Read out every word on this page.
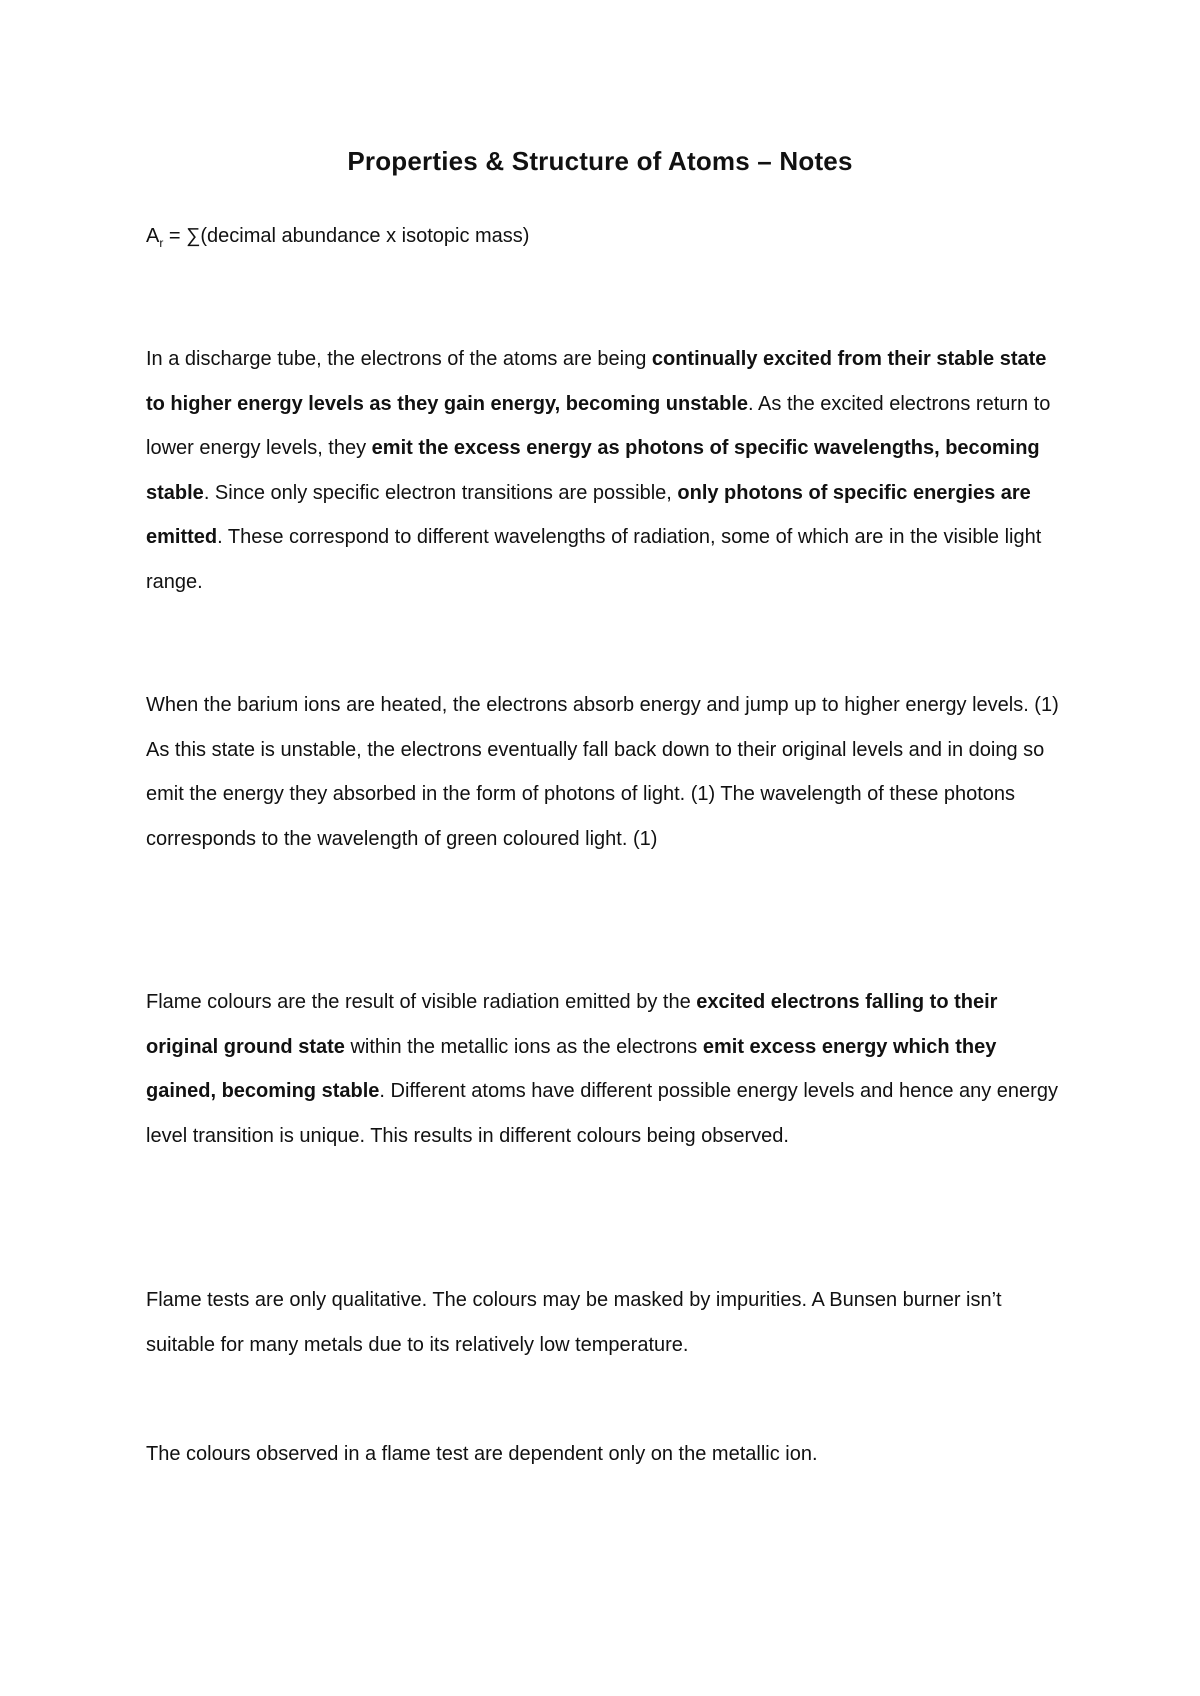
Properties & Structure of Atoms – Notes

$A_r$ = ∑(decimal abundance x isotopic mass)

In a discharge tube, the electrons of the atoms are being continually excited from their stable state to higher energy levels as they gain energy, becoming unstable. As the excited electrons return to lower energy levels, they emit the excess energy as photons of specific wavelengths, becoming stable. Since only specific electron transitions are possible, only photons of specific energies are emitted. These correspond to different wavelengths of radiation, some of which are in the visible light range.

When the barium ions are heated, the electrons absorb energy and jump up to higher energy levels. (1) As this state is unstable, the electrons eventually fall back down to their original levels and in doing so emit the energy they absorbed in the form of photons of light. (1) The wavelength of these photons corresponds to the wavelength of green coloured light. (1)

Flame colours are the result of visible radiation emitted by the excited electrons falling to their original ground state within the metallic ions as the electrons emit excess energy which they gained, becoming stable. Different atoms have different possible energy levels and hence any energy level transition is unique. This results in different colours being observed.

Flame tests are only qualitative. The colours may be masked by impurities. A Bunsen burner isn’t suitable for many metals due to its relatively low temperature.

The colours observed in a flame test are dependent only on the metallic ion.
